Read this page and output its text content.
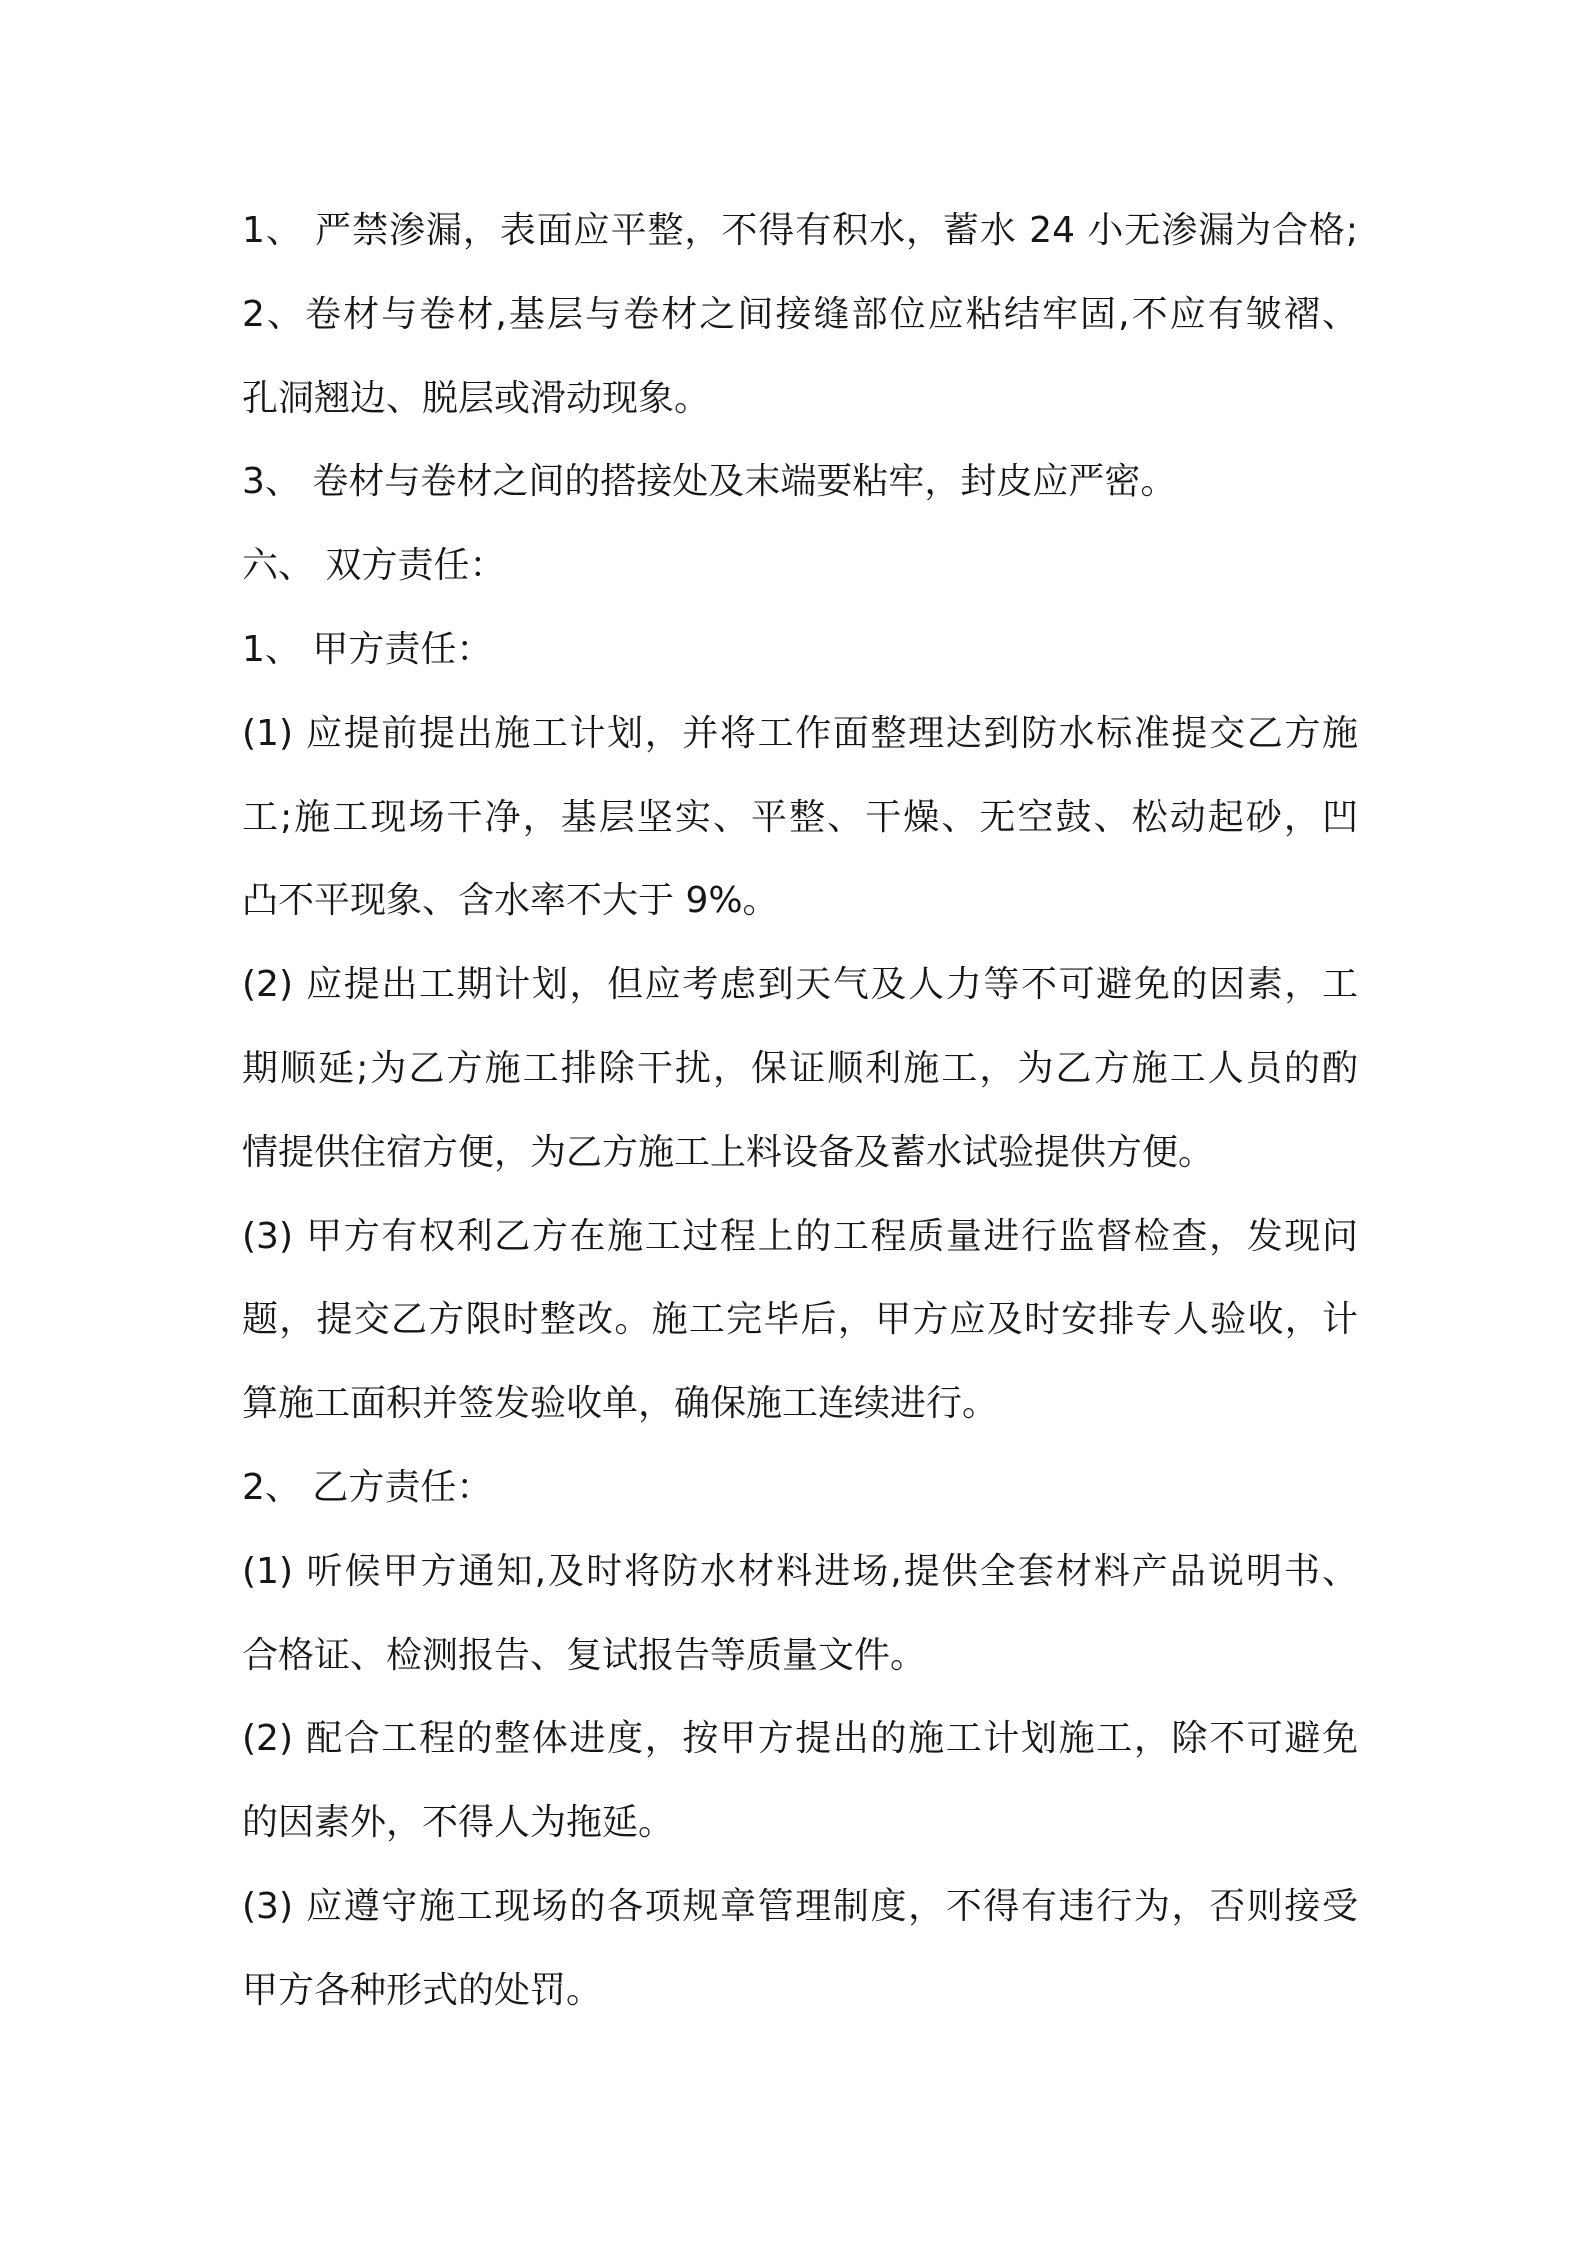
1、 严禁渗漏，表面应平整，不得有积水，蓄水 24 小无渗漏为合格;
2、卷材与卷材,基层与卷材之间接缝部位应粘结牢固,不应有皱褶、
孔洞翘边、脱层或滑动现象。
3、 卷材与卷材之间的搭接处及末端要粘牢，封皮应严密。
六、 双方责任：
1、 甲方责任：
(1) 应提前提出施工计划，并将工作面整理达到防水标准提交乙方施
工;施工现场干净，基层坚实、平整、干燥、无空鼓、松动起砂，凹
凸不平现象、含水率不大于 9%。
(2) 应提出工期计划，但应考虑到天气及人力等不可避免的因素，工
期顺延;为乙方施工排除干扰，保证顺利施工，为乙方施工人员的酌
情提供住宿方便，为乙方施工上料设备及蓄水试验提供方便。
(3) 甲方有权利乙方在施工过程上的工程质量进行监督检查，发现问
题，提交乙方限时整改。施工完毕后，甲方应及时安排专人验收，计
算施工面积并签发验收单，确保施工连续进行。
2、 乙方责任：
(1) 听候甲方通知,及时将防水材料进场,提供全套材料产品说明书、
合格证、检测报告、复试报告等质量文件。
(2) 配合工程的整体进度，按甲方提出的施工计划施工，除不可避免
的因素外，不得人为拖延。
(3) 应遵守施工现场的各项规章管理制度，不得有违行为，否则接受
甲方各种形式的处罚。
